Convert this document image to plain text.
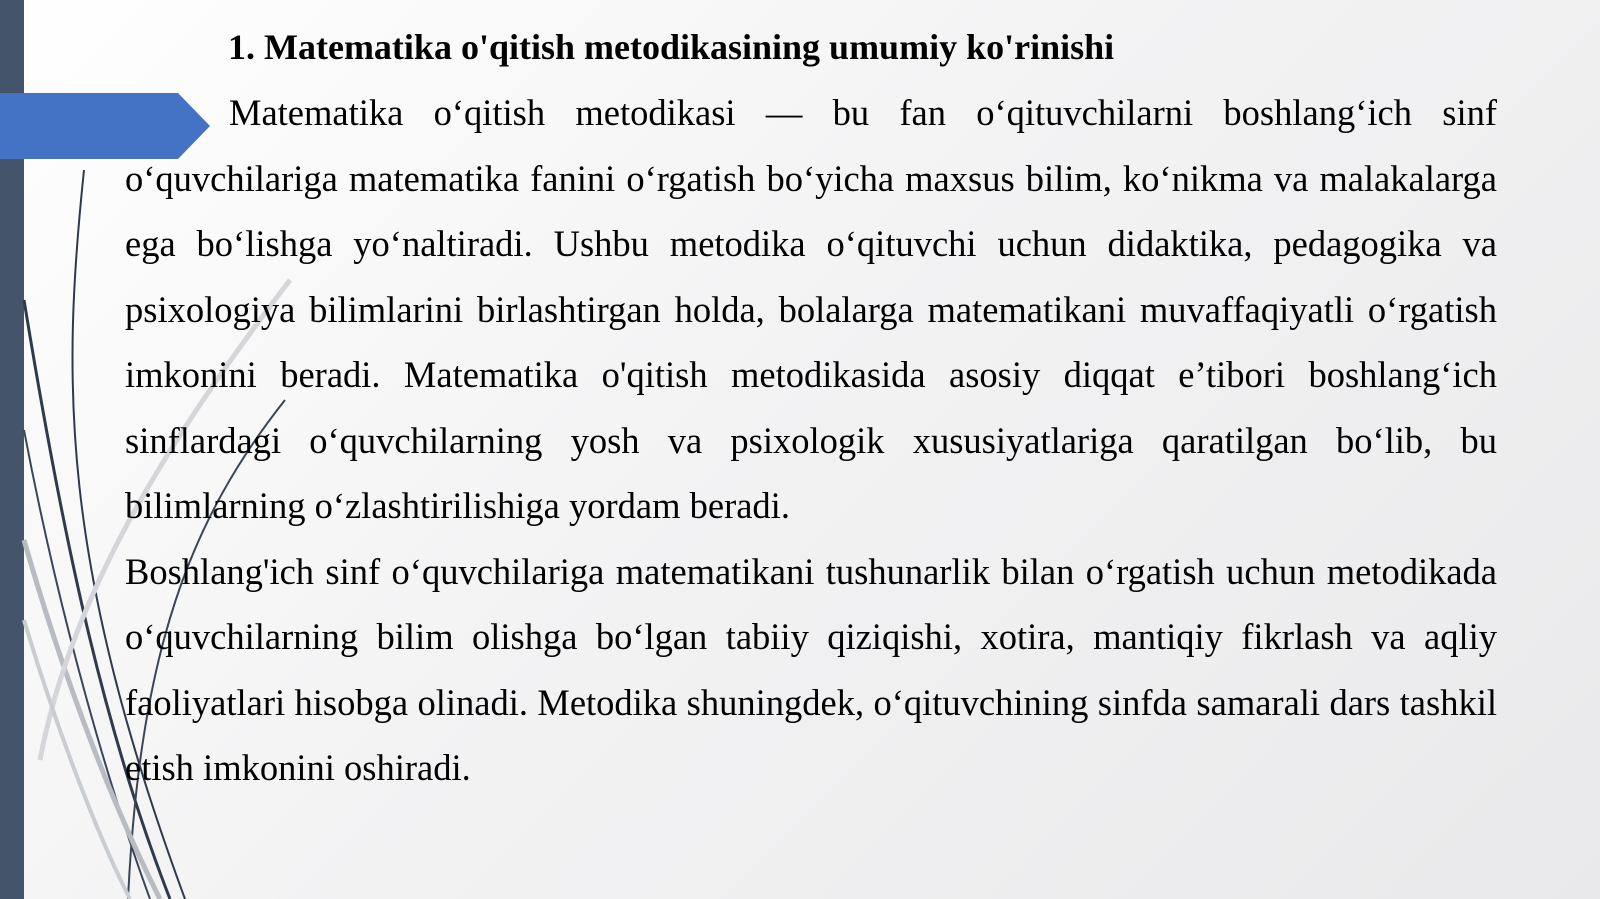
1. Matematika o'qitish metodikasining umumiy ko'rinishi

Matematika o‘qitish metodikasi — bu fan o‘qituvchilarni boshlang‘ich sinf o‘quvchilariga matematika fanini o‘rgatish bo‘yicha maxsus bilim, ko‘nikma va malakalarga ega bo‘lishga yo‘naltiradi. Ushbu metodika o‘qituvchi uchun didaktika, pedagogika va psixologiya bilimlarini birlashtirgan holda, bolalarga matematikani muvaffaqiyatli o‘rgatish imkonini beradi. Matematika o'qitish metodikasida asosiy diqqat e’tibori boshlang‘ich sinflardagi o‘quvchilarning yosh va psixologik xususiyatlariga qaratilgan bo‘lib, bu bilimlarning o‘zlashtirilishiga yordam beradi.

Boshlang'ich sinf o‘quvchilariga matematikani tushunarlik bilan o‘rgatish uchun metodikada o‘quvchilarning bilim olishga bo‘lgan tabiiy qiziqishi, xotira, mantiqiy fikrlash va aqliy faoliyatlari hisobga olinadi. Metodika shuningdek, o‘qituvchining sinfda samarali dars tashkil etish imkonini oshiradi.
